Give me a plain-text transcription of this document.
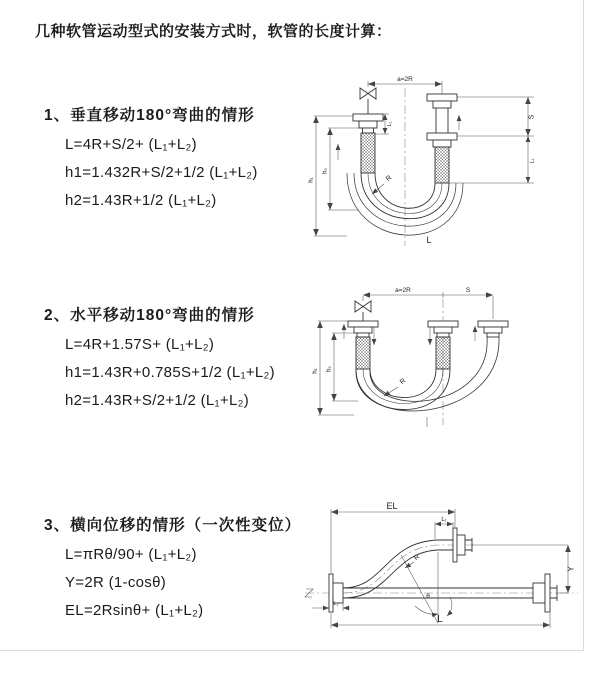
几种软管运动型式的安装方式时，软管的长度计算：
1、垂直移动180°弯曲的情形
L=4R+S/2+ (L₁+L₂)
h1=1.432R+S/2+1/2 (L₁+L₂)
h2=1.43R+1/2 (L₁+L₂)
2、水平移动180°弯曲的情形
L=4R+1.57S+ (L₁+L₂)
h1=1.43R+0.785S+1/2 (L₁+L₂)
h2=1.43R+S/2+1/2 (L₁+L₂)
3、横向位移的情形（一次性变位）
L=πRθ/90+ (L₁+L₂)
Y=2R (1-cosθ)
EL=2Rsinθ+ (L₁+L₂)
a=2R
h₁
h₂
L₁
S
L₁
R
L
a=2R	S
h₁ h₂
R
EL
L₁
Y
L
L₂
R
θ
